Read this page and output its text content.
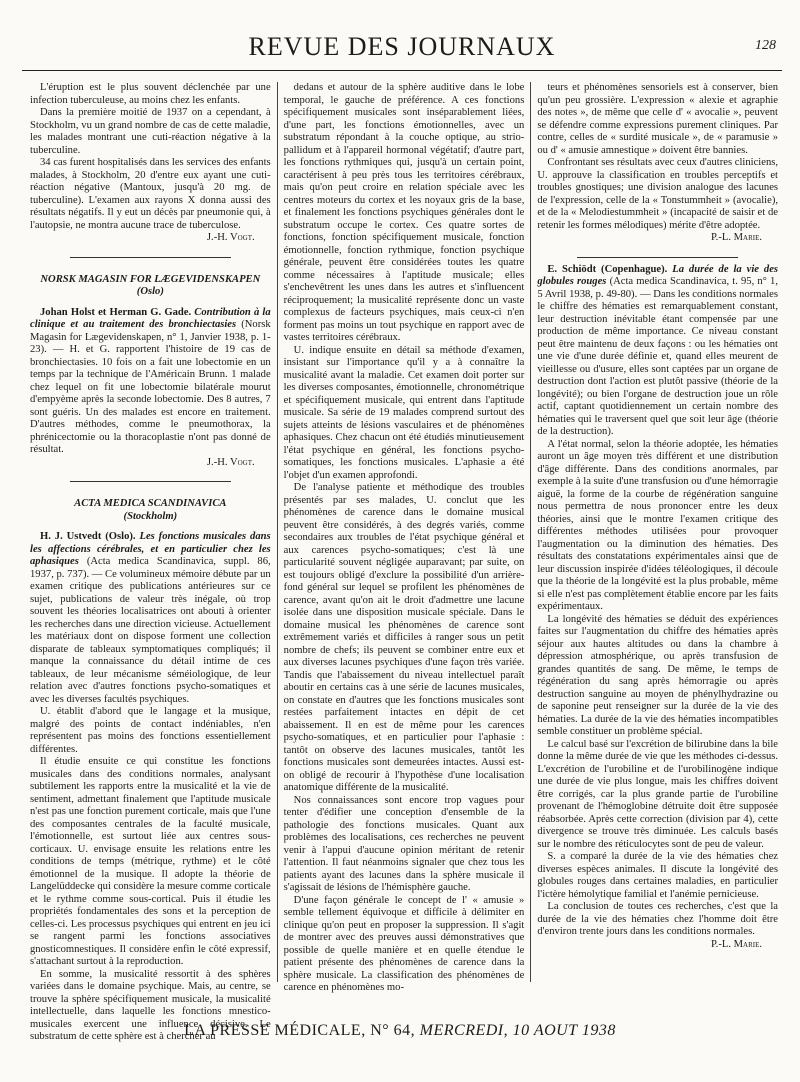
REVUE DES JOURNAUX	128

L'éruption est le plus souvent déclenchée par une infection tuberculeuse, au moins chez les enfants.

Dans la première moitié de 1937 on a cependant, à Stockholm, vu un grand nombre de cas de cette maladie, les malades montrant une cuti-réaction négative à la tuberculine.

34 cas furent hospitalisés dans les services des enfants malades, à Stockholm, 20 d'entre eux ayant une cuti-réaction négative (Mantoux, jusqu'à 20 mg. de tuberculine). L'examen aux rayons X donna aussi des résultats négatifs. Il y eut un décès par pneumonie qui, à l'autopsie, ne montra aucune trace de tuberculose.

J.-H. Vogt.
NORSK MAGASIN FOR LÆGEVIDENSKAPEN
(Oslo)

Johan Holst et Herman G. Gade. Contribution à la clinique et au traitement des bronchiectasies (Norsk Magasin for Lægevidenskapen, n° 1, Janvier 1938, p. 1-23). — H. et G. rapportent l'histoire de 19 cas de bronchiectasies. 10 fois on a fait une lobectomie en un temps par la technique de l'Américain Brunn. 1 malade chez lequel on fit une lobectomie bilatérale mourut d'empyème après la seconde lobectomie. Des 8 autres, 7 sont guéris. Un des malades est encore en traitement. D'autres méthodes, comme le pneumothorax, la phrénicectomie ou la thoracoplastie n'ont pas donné de résultat.

J.-H. Vogt.
ACTA MEDICA SCANDINAVICA
(Stockholm)

H. J. Ustvedt (Oslo). Les fonctions musicales dans les affections cérébrales, et en particulier chez les aphasiques (Acta medica Scandinavica, suppl. 86, 1937, p. 737). — Ce volumineux mémoire débute par un examen critique des publications antérieures sur ce sujet, publications de valeur très inégale, où trop souvent les théories localisatrices ont abouti à orienter les recherches dans une direction vicieuse. Actuellement les matériaux dont on dispose forment une collection disparate de tableaux symptomatiques compliqués; il manque la connaissance du détail intime de ces tableaux, de leur mécanisme séméiologique, de leur relation avec d'autres fonctions psycho-somatiques et avec les diverses facultés psychiques.

U. établit d'abord que le langage et la musique, malgré des points de contact indéniables, n'en représentent pas moins des fonctions essentiellement différentes.

Il étudie ensuite ce qui constitue les fonctions musicales dans des conditions normales, analysant subtilement les rapports entre la musicalité et la vie de sentiment, admettant finalement que l'aptitude musicale n'est pas une fonction purement corticale, mais que l'une des composantes centrales de la faculté musicale, l'émotionnelle, est surtout liée aux centres sous-corticaux. U. envisage ensuite les relations entre les conditions de temps (métrique, rythme) et le côté émotionnel de la musique. Il adopte la théorie de Langelüddecke qui considère la mesure comme corticale et le rythme comme sous-cortical. Puis il étudie les propriétés fondamentales des sons et la perception de celles-ci. Les processus psychiques qui entrent en jeu ici se rangent parmi les fonctions associatives gnosticomnestiques. Il considère enfin le côté expressif, s'attachant surtout à la reproduction.

En somme, la musicalité ressortit à des sphères variées dans le domaine psychique. Mais, au centre, se trouve la sphère spécifiquement musicale, la musicalité intellectuelle, dans laquelle les fonctions mnestico-musicales exercent une influence décisive. Le substratum de cette sphère est à chercher au

dedans et autour de la sphère auditive dans le lobe temporal, le gauche de préférence. A ces fonctions spécifiquement musicales sont inséparablement liées, d'une part, les fonctions émotionnelles, avec un substratum répondant à la couche optique, au strio-pallidum et à l'appareil hormonal végétatif; d'autre part, les fonctions rythmiques qui, jusqu'à un certain point, caractérisent à peu près tous les territoires cérébraux, mais qu'on peut croire en relation spéciale avec les centres moteurs du cortex et les noyaux gris de la base, et finalement les fonctions psychiques générales dont le substratum occupe le cortex. Ces quatre sortes de fonctions, fonction spécifiquement musicale, fonction émotionnelle, fonction rythmique, fonction psychique générale, peuvent être considérées toutes les quatre comme nécessaires à l'aptitude musicale; elles s'enchevêtrent les unes dans les autres et s'influencent réciproquement; la musicalité représente donc un vaste complexus de facteurs psychiques, mais ceux-ci n'en forment pas moins un tout psychique en rapport avec de vastes territoires cérébraux.

U. indique ensuite en détail sa méthode d'examen, insistant sur l'importance qu'il y a à connaître la musicalité avant la maladie. Cet examen doit porter sur les diverses composantes, émotionnelle, chronométrique et spécifiquement musicale, qui entrent dans l'aptitude musicale. Sa série de 19 malades comprend surtout des sujets atteints de lésions vasculaires et de phénomènes aphasiques. Chez chacun ont été étudiés minutieusement l'état psychique en général, les fonctions psycho-somatiques, les fonctions musicales. L'aphasie a été l'objet d'un examen approfondi.

De l'analyse patiente et méthodique des troubles présentés par ses malades, U. conclut que les phénomènes de carence dans le domaine musical peuvent être considérés, à des degrés variés, comme secondaires aux troubles de l'état psychique général et aux carences psycho-somatiques; c'est là une particularité souvent négligée auparavant; par suite, on est toujours obligé d'exclure la possibilité d'un arrière-fond général sur lequel se profilent les phénomènes de carence, avant qu'on ait le droit d'admettre une lacune isolée dans une disposition musicale spéciale. Dans le domaine musical les phénomènes de carence sont extrêmement variés et difficiles à ranger sous un petit nombre de chefs; ils peuvent se combiner entre eux et aux diverses lacunes psychiques d'une façon très variée. Tandis que l'abaissement du niveau intellectuel paraît aboutir en certains cas à une série de lacunes musicales, on constate en d'autres que les fonctions musicales sont restées parfaitement intactes en dépit de cet abaissement. Il en est de même pour les carences psycho-somatiques, et en particulier pour l'aphasie : tantôt on observe des lacunes musicales, tantôt les fonctions musicales sont demeurées intactes. Aussi est-on obligé de recourir à l'hypothèse d'une localisation anatomique différente de la musicalité.

Nos connaissances sont encore trop vagues pour tenter d'édifier une conception d'ensemble de la pathologie des fonctions musicales. Quant aux problèmes des localisations, ces recherches ne peuvent venir à l'appui d'aucune opinion méritant de retenir l'attention. Il faut néanmoins signaler que chez tous les patients ayant des lacunes dans la sphère musicale il s'agissait de lésions de l'hémisphère gauche.

D'une façon générale le concept de l' « amusie » semble tellement équivoque et difficile à délimiter en clinique qu'on peut en proposer la suppression. Il s'agit de montrer avec des preuves aussi démonstratives que possible de quelle manière et en quelle étendue le patient présente des phénomènes de carence dans la sphère musicale. La classification des phénomènes de carence en phénomènes mo-

teurs et phénomènes sensoriels est à conserver, bien qu'un peu grossière. L'expression « alexie et agraphie des notes », de même que celle d' « avocalie », peuvent se défendre comme expressions purement cliniques. Par contre, celles de « surdité musicale », de « paramusie » ou d' « amusie amnestique » doivent être bannies.

Confrontant ses résultats avec ceux d'autres cliniciens, U. approuve la classification en troubles perceptifs et troubles gnostiques; une division analogue des lacunes de l'expression, celle de la « Tonstummheit » (avocalie), et de la « Melodiestummheit » (incapacité de saisir et de retenir les formes mélodiques) mérite d'être adoptée.

P.-L. Marie.

E. Schiödt (Copenhague). La durée de la vie des globules rouges (Acta medica Scandinavica, t. 95, n° 1, 5 Avril 1938, p. 49-80). — Dans les conditions normales le chiffre des hématies est remarquablement constant, leur destruction inévitable étant compensée par une production de même importance. Ce niveau constant peut être maintenu de deux façons : ou les hématies ont une vie d'une durée définie et, quand elles meurent de vieillesse ou d'usure, elles sont captées par un organe de destruction dont l'action est plutôt passive (théorie de la longévité); ou bien l'organe de destruction joue un rôle actif, captant quotidiennement un certain nombre des hématies qui le traversent quel que soit leur âge (théorie de la destruction).

A l'état normal, selon la théorie adoptée, les hématies auront un âge moyen très différent et une distribution d'âge différente. Dans des conditions anormales, par exemple à la suite d'une transfusion ou d'une hémorragie aiguë, la forme de la courbe de régénération sanguine nous permettra de nous prononcer entre les deux théories, ainsi que le montre l'examen critique des différentes méthodes utilisées pour provoquer l'augmentation ou la diminution des hématies. Des résultats des constatations expérimentales ainsi que de leur discussion inspirée d'idées téléologiques, il découle que la théorie de la longévité est la plus probable, même si elle n'est pas complètement établie encore par les faits expérimentaux.

La longévité des hématies se déduit des expériences faites sur l'augmentation du chiffre des hématies après séjour aux hautes altitudes ou dans la chambre à dépression atmosphérique, ou après transfusion de grandes quantités de sang. De même, le temps de régénération du sang après hémorragie ou après destruction sanguine au moyen de phénylhydrazine ou de saponine peut renseigner sur la durée de la vie des hématies. La durée de la vie des hématies incompatibles semble constituer un problème spécial.

Le calcul basé sur l'excrétion de bilirubine dans la bile donne la même durée de vie que les méthodes ci-dessus. L'excrétion de l'urobiline et de l'urobilinogène indique une durée de vie plus longue, mais les chiffres doivent être corrigés, car la plus grande partie de l'urobiline provenant de l'hémoglobine détruite doit être supposée réabsorbée. Après cette correction (division par 4), cette divergence se trouve très diminuée. Les calculs basés sur le nombre des réticulocytes sont de peu de valeur.

S. a comparé la durée de la vie des hématies chez diverses espèces animales. Il discute la longévité des globules rouges dans certaines maladies, en particulier l'ictère hémolytique familial et l'anémie pernicieuse.

La conclusion de toutes ces recherches, c'est que la durée de la vie des hématies chez l'homme doit être d'environ trente jours dans les conditions normales.

P.-L. Marie.
LA PRESSE MÉDICALE, N° 64, MERCREDI, 10 AOUT 1938
